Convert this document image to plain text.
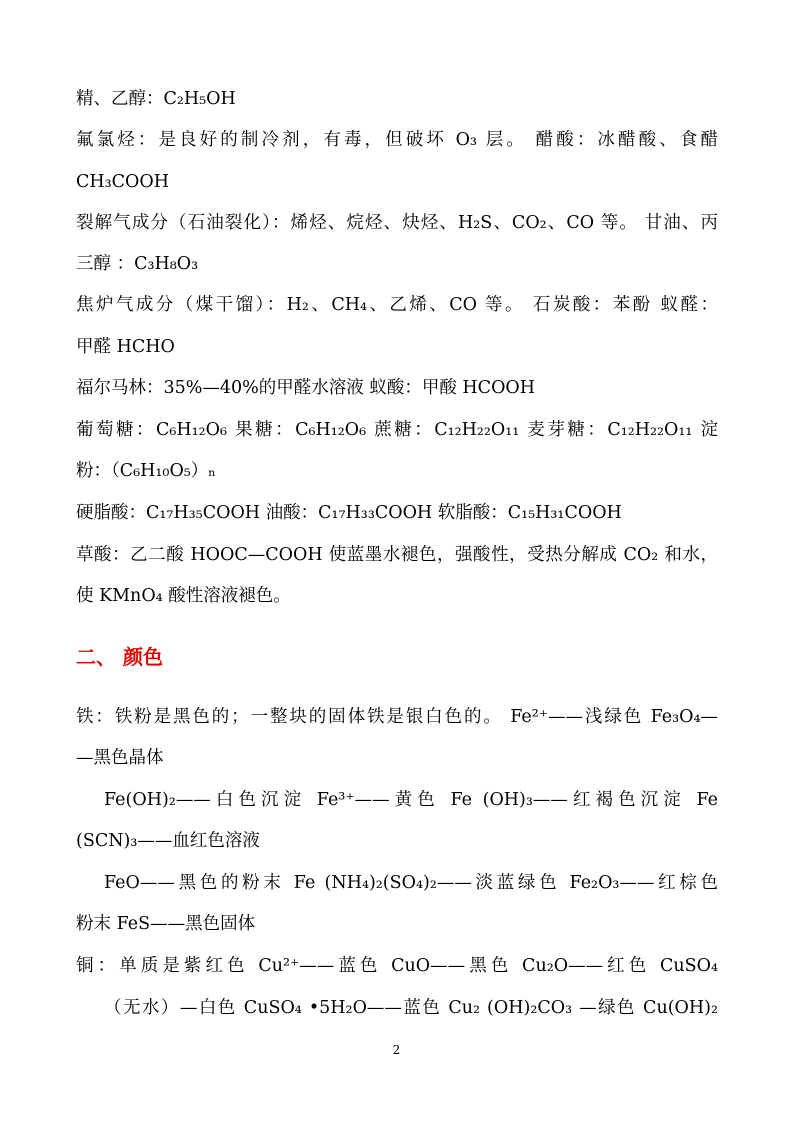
精、乙醇：C₂H₅OH
氟氯烃：是良好的制冷剂，有毒，但破坏 O₃ 层。 醋酸：冰醋酸、食醋
CH₃COOH
裂解气成分（石油裂化）：烯烃、烷烃、炔烃、H₂S、CO₂、CO 等。 甘油、丙
三醇 ：C₃H₈O₃
焦炉气成分（煤干馏）：H₂、CH₄、乙烯、CO 等。 石炭酸：苯酚 蚁醛：
甲醛 HCHO
福尔马林：35%—40%的甲醛水溶液 蚁酸：甲酸 HCOOH
葡萄糖：C₆H₁₂O₆ 果糖：C₆H₁₂O₆ 蔗糖：C₁₂H₂₂O₁₁ 麦芽糖：C₁₂H₂₂O₁₁ 淀
粉：（C₆H₁₀O₅）ₙ
硬脂酸：C₁₇H₃₅COOH 油酸：C₁₇H₃₃COOH 软脂酸：C₁₅H₃₁COOH
草酸：乙二酸 HOOC—COOH 使蓝墨水褪色，强酸性，受热分解成 CO₂ 和水，
使 KMnO₄ 酸性溶液褪色。
二、 颜色
铁：铁粉是黑色的；一整块的固体铁是银白色的。 Fe²⁺——浅绿色 Fe₃O₄—
—黑色晶体
Fe(OH)₂——白色沉淀 Fe³⁺——黄色 Fe (OH)₃——红褐色沉淀 Fe
(SCN)₃——血红色溶液
FeO——黑色的粉末 Fe (NH₄)₂(SO₄)₂——淡蓝绿色 Fe₂O₃——红棕色
粉末 FeS——黑色固体
铜：单质是紫红色 Cu²⁺——蓝色 CuO——黑色 Cu₂O——红色 CuSO₄
（无水）—白色 CuSO₄ •5H₂O——蓝色 Cu₂ (OH)₂CO₃ —绿色 Cu(OH)₂
2
